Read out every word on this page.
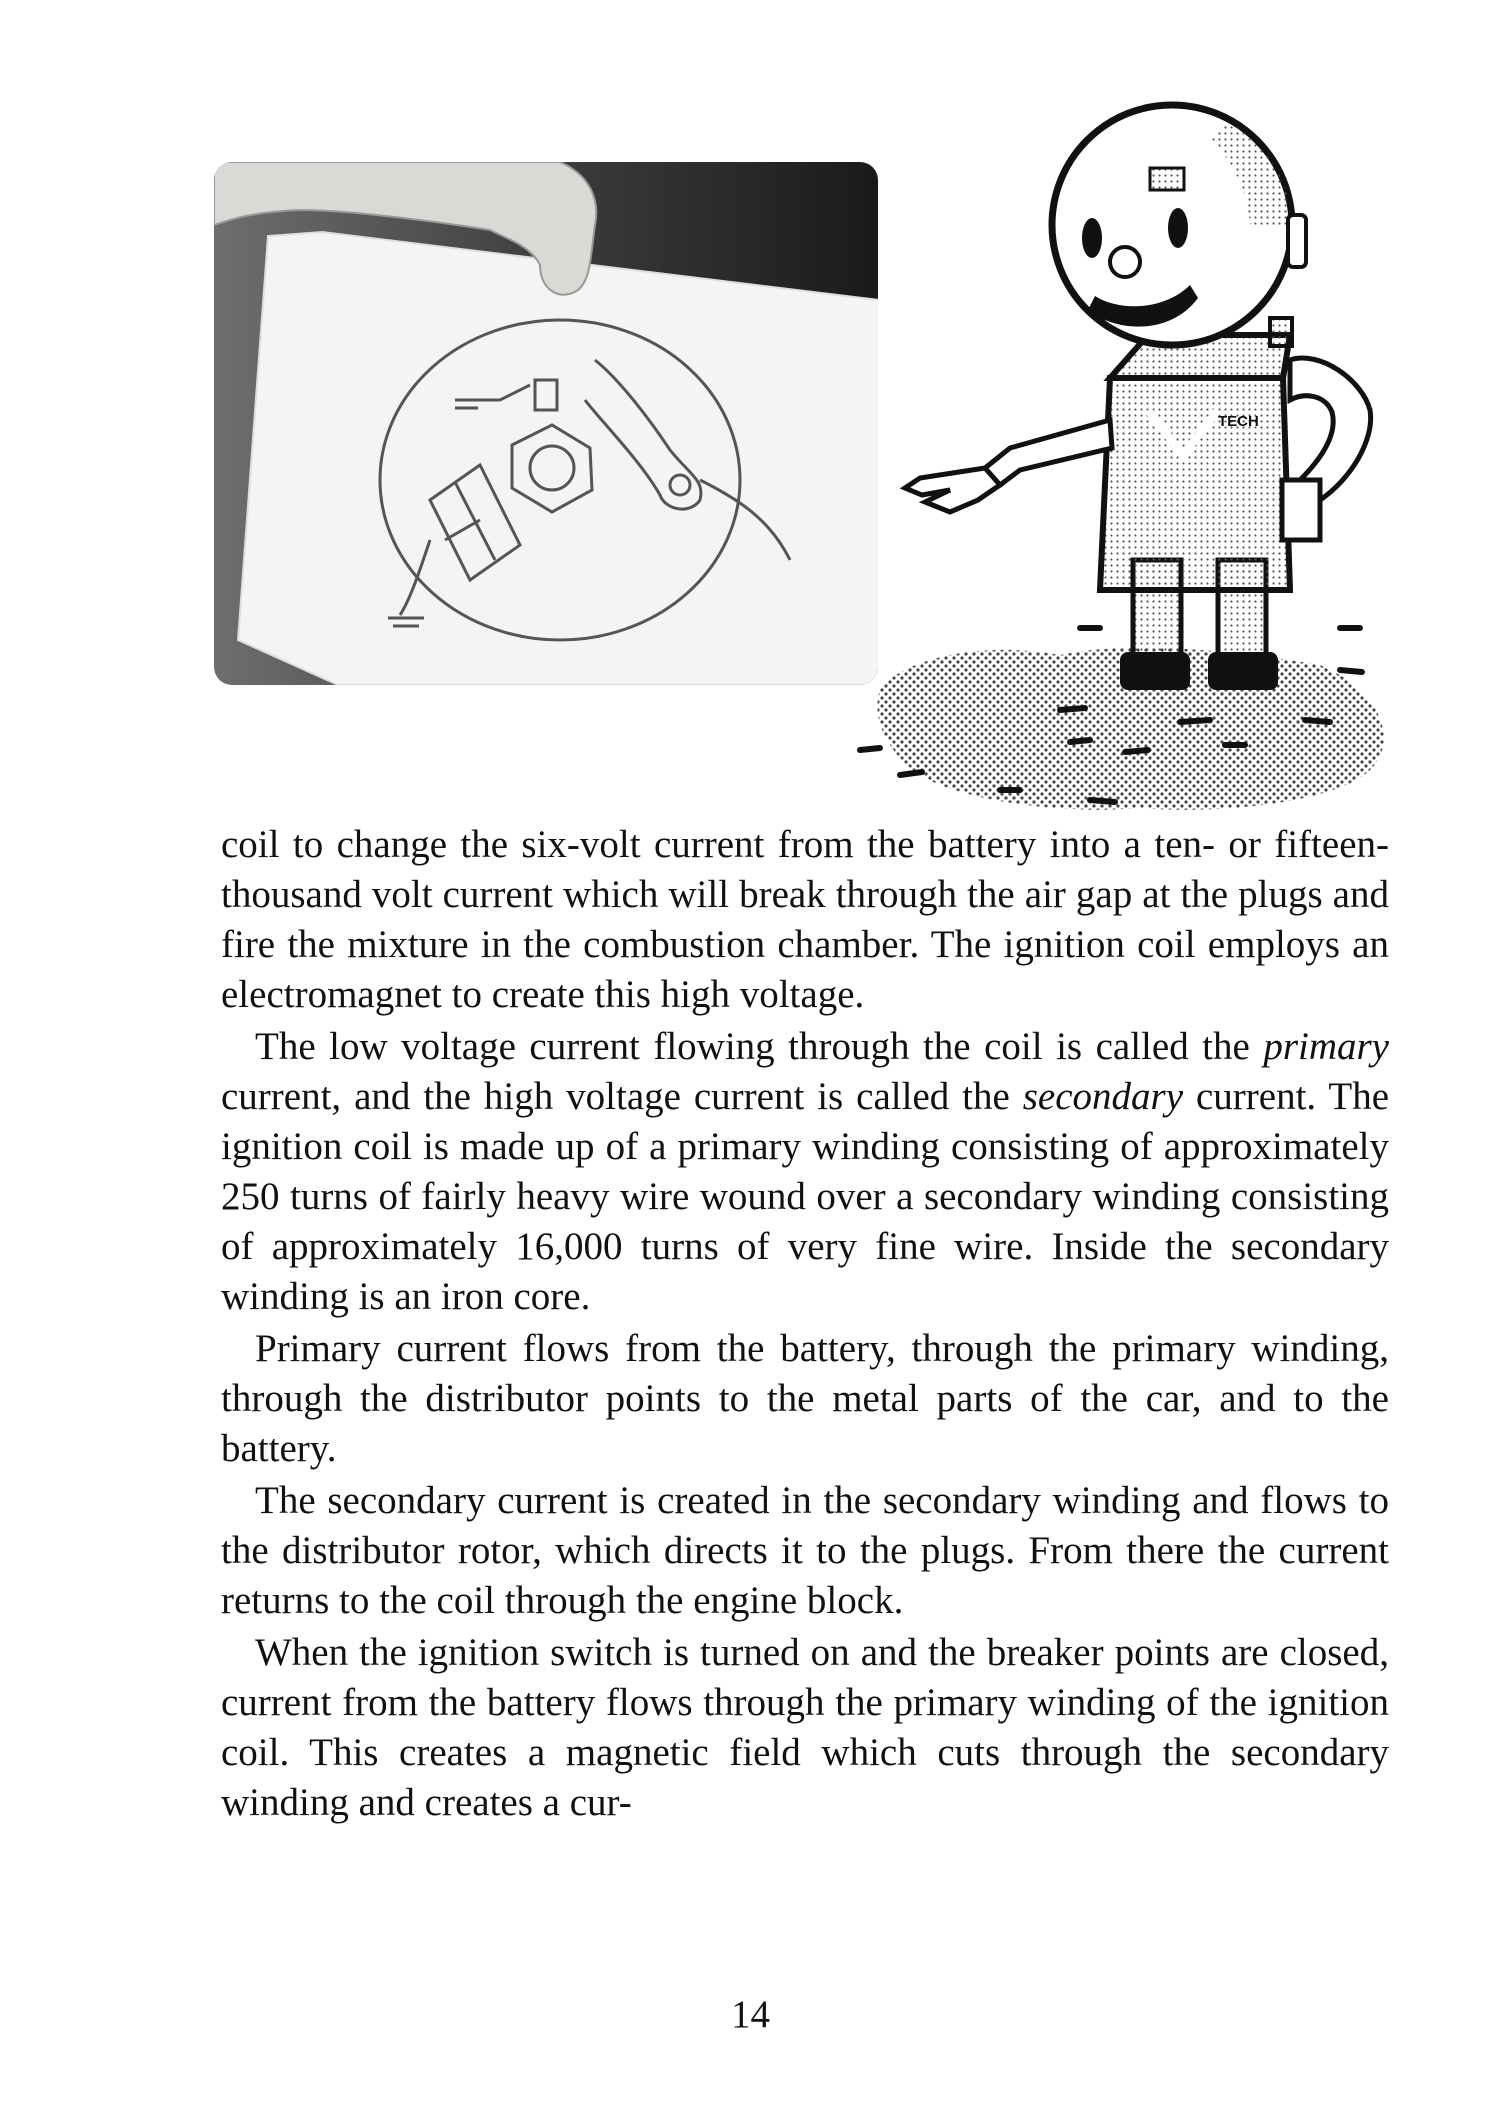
TECH

coil to change the six-volt current from the battery into a ten- or fifteen-thousand volt current which will break through the air gap at the plugs and fire the mixture in the combustion chamber. The ignition coil employs an electromagnet to create this high voltage.

The low voltage current flowing through the coil is called the primary current, and the high voltage current is called the secondary current. The ignition coil is made up of a primary winding consisting of approximately 250 turns of fairly heavy wire wound over a secondary winding consisting of approximately 16,000 turns of very fine wire. Inside the secondary winding is an iron core.

Primary current flows from the battery, through the primary winding, through the distributor points to the metal parts of the car, and to the battery.

The secondary current is created in the secondary winding and flows to the distributor rotor, which directs it to the plugs. From there the current returns to the coil through the engine block.

When the ignition switch is turned on and the breaker points are closed, current from the battery flows through the primary winding of the ignition coil. This creates a magnetic field which cuts through the secondary winding and creates a cur-

14
